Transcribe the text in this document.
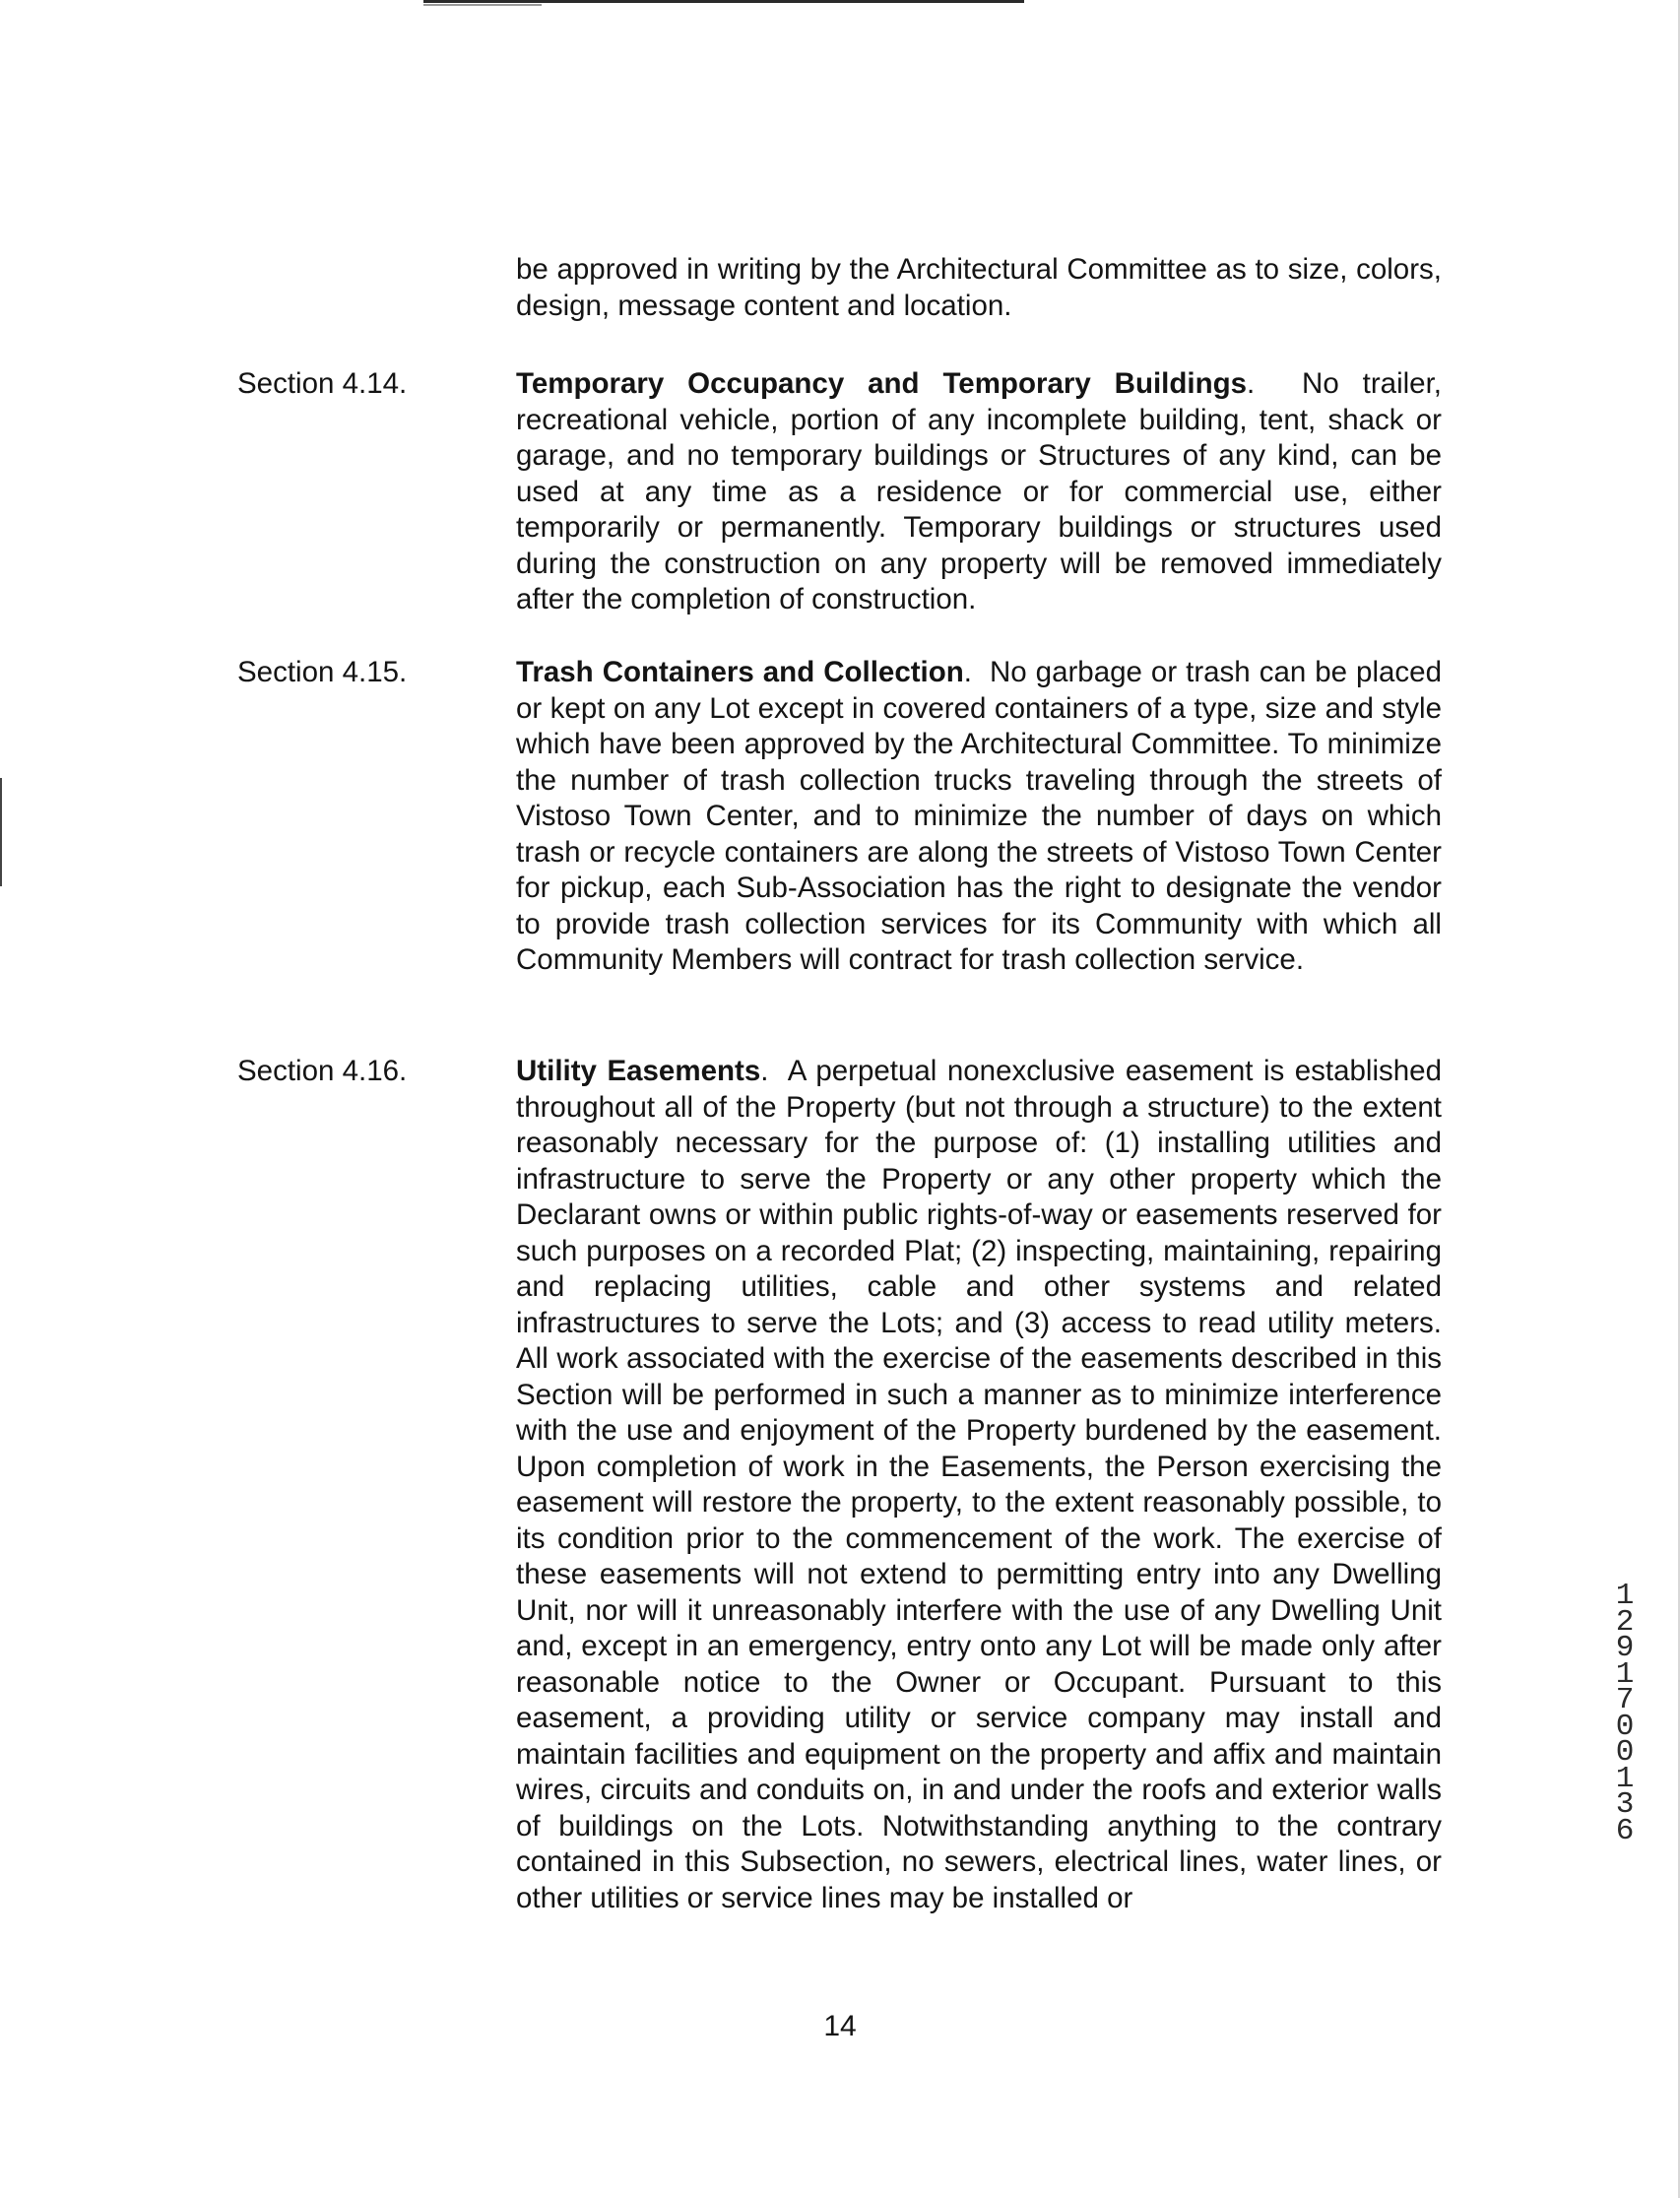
be approved in writing by the Architectural Committee as to size, colors, design, message content and location.

Section 4.14.	Temporary Occupancy and Temporary Buildings.  No trailer, recreational vehicle, portion of any incomplete building, tent, shack or garage, and no temporary buildings or Structures of any kind, can be used at any time as a residence or for commercial use, either temporarily or permanently. Temporary buildings or structures used during the construction on any property will be removed immediately after the completion of construction.

Section 4.15.	Trash Containers and Collection.  No garbage or trash can be placed or kept on any Lot except in covered containers of a type, size and style which have been approved by the Architectural Committee. To minimize the number of trash collection trucks traveling through the streets of Vistoso Town Center, and to minimize the number of days on which trash or recycle containers are along the streets of Vistoso Town Center for pickup, each Sub-Association has the right to designate the vendor to provide trash collection services for its Community with which all Community Members will contract for trash collection service.

Section 4.16.	Utility Easements.  A perpetual nonexclusive easement is established throughout all of the Property (but not through a structure) to the extent reasonably necessary for the purpose of: (1) installing utilities and infrastructure to serve the Property or any other property which the Declarant owns or within public rights-of-way or easements reserved for such purposes on a recorded Plat; (2) inspecting, maintaining, repairing and replacing utilities, cable and other systems and related infrastructures to serve the Lots; and (3) access to read utility meters. All work associated with the exercise of the easements described in this Section will be performed in such a manner as to minimize interference with the use and enjoyment of the Property burdened by the easement. Upon completion of work in the Easements, the Person exercising the easement will restore the property, to the extent reasonably possible, to its condition prior to the commencement of the work. The exercise of these easements will not extend to permitting entry into any Dwelling Unit, nor will it unreasonably interfere with the use of any Dwelling Unit and, except in an emergency, entry onto any Lot will be made only after reasonable notice to the Owner or Occupant. Pursuant to this easement, a providing utility or service company may install and maintain facilities and equipment on the property and affix and maintain wires, circuits and conduits on, in and under the roofs and exterior walls of buildings on the Lots. Notwithstanding anything to the contrary contained in this Subsection, no sewers, electrical lines, water lines, or other utilities or service lines may be installed or

14
12917 00136
